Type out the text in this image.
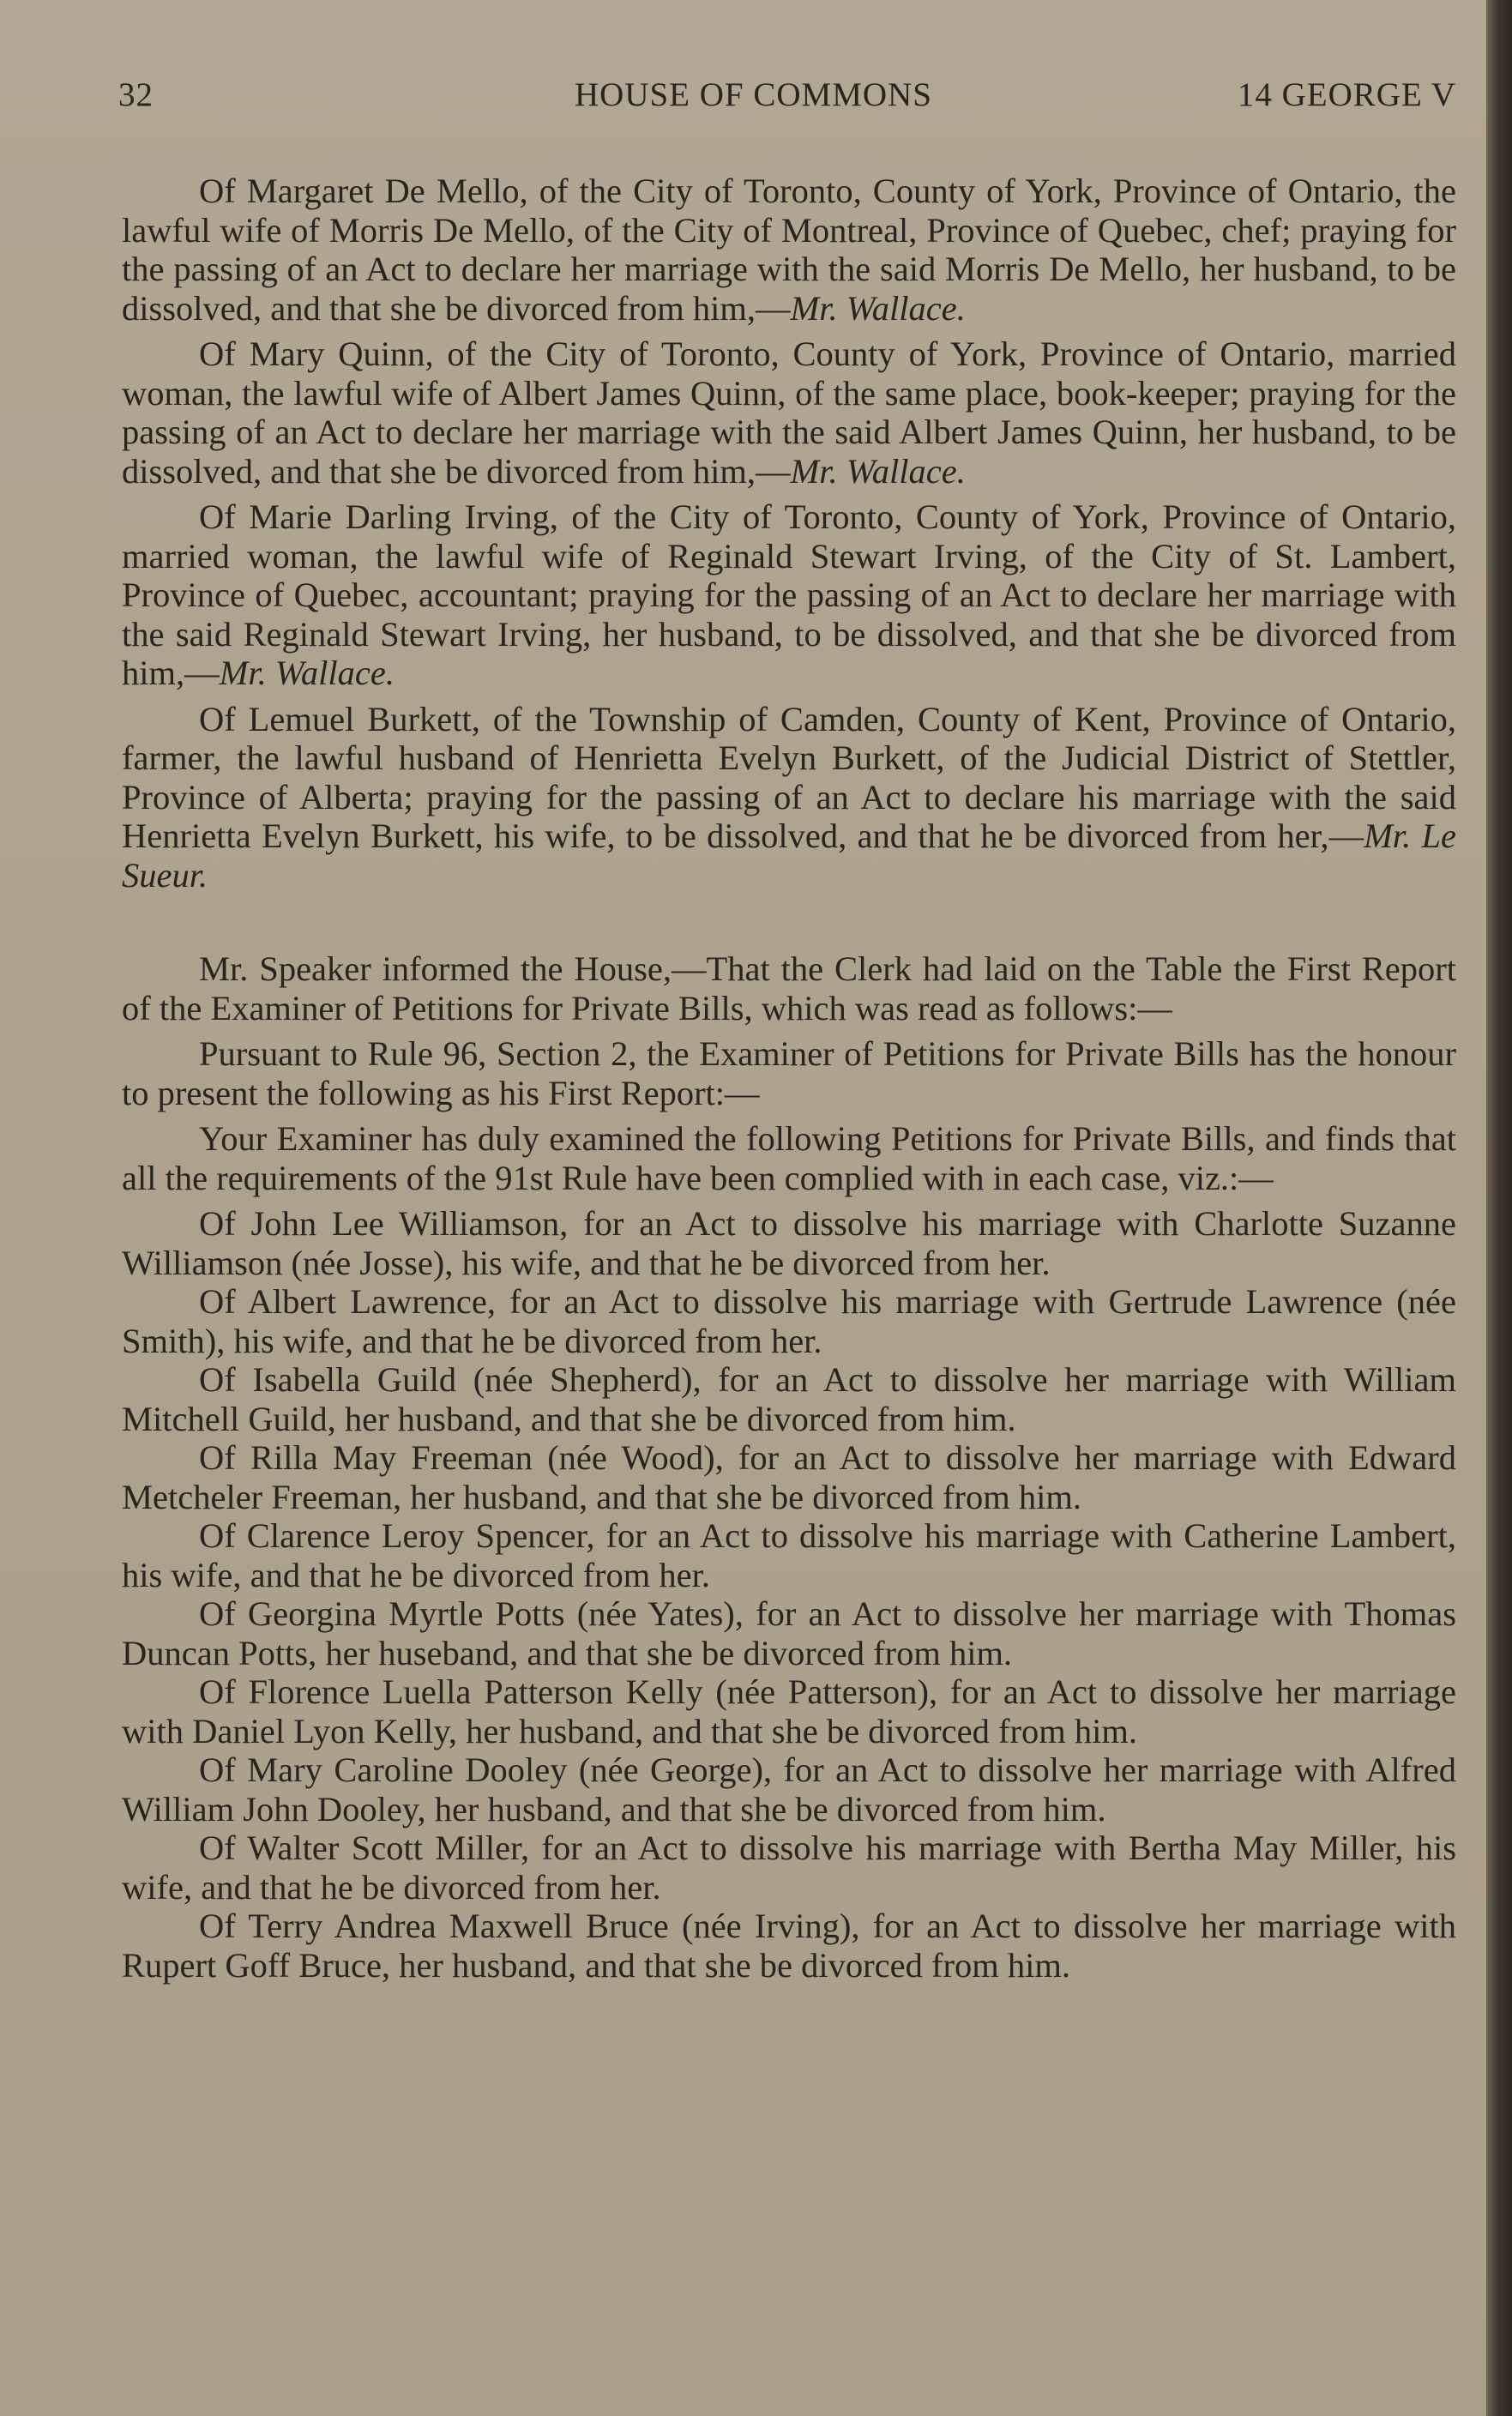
32	HOUSE OF COMMONS	14 GEORGE V

Of Margaret De Mello, of the City of Toronto, County of York, Province of Ontario, the lawful wife of Morris De Mello, of the City of Montreal, Province of Quebec, chef; praying for the passing of an Act to declare her marriage with the said Morris De Mello, her husband, to be dissolved, and that she be divorced from him,—Mr. Wallace.

Of Mary Quinn, of the City of Toronto, County of York, Province of Ontario, married woman, the lawful wife of Albert James Quinn, of the same place, book-keeper; praying for the passing of an Act to declare her marriage with the said Albert James Quinn, her husband, to be dissolved, and that she be divorced from him,—Mr. Wallace.

Of Marie Darling Irving, of the City of Toronto, County of York, Province of Ontario, married woman, the lawful wife of Reginald Stewart Irving, of the City of St. Lambert, Province of Quebec, accountant; praying for the passing of an Act to declare her marriage with the said Reginald Stewart Irving, her husband, to be dissolved, and that she be divorced from him,—Mr. Wallace.

Of Lemuel Burkett, of the Township of Camden, County of Kent, Province of Ontario, farmer, the lawful husband of Henrietta Evelyn Burkett, of the Judicial District of Stettler, Province of Alberta; praying for the passing of an Act to declare his marriage with the said Henrietta Evelyn Burkett, his wife, to be dissolved, and that he be divorced from her,—Mr. Le Sueur.

Mr. Speaker informed the House,—That the Clerk had laid on the Table the First Report of the Examiner of Petitions for Private Bills, which was read as follows:—

Pursuant to Rule 96, Section 2, the Examiner of Petitions for Private Bills has the honour to present the following as his First Report:—

Your Examiner has duly examined the following Petitions for Private Bills, and finds that all the requirements of the 91st Rule have been complied with in each case, viz.:—

Of John Lee Williamson, for an Act to dissolve his marriage with Charlotte Suzanne Williamson (née Josse), his wife, and that he be divorced from her.

Of Albert Lawrence, for an Act to dissolve his marriage with Gertrude Lawrence (née Smith), his wife, and that he be divorced from her.

Of Isabella Guild (née Shepherd), for an Act to dissolve her marriage with William Mitchell Guild, her husband, and that she be divorced from him.

Of Rilla May Freeman (née Wood), for an Act to dissolve her marriage with Edward Metcheler Freeman, her husband, and that she be divorced from him.

Of Clarence Leroy Spencer, for an Act to dissolve his marriage with Catherine Lambert, his wife, and that he be divorced from her.

Of Georgina Myrtle Potts (née Yates), for an Act to dissolve her marriage with Thomas Duncan Potts, her huseband, and that she be divorced from him.

Of Florence Luella Patterson Kelly (née Patterson), for an Act to dissolve her marriage with Daniel Lyon Kelly, her husband, and that she be divorced from him.

Of Mary Caroline Dooley (née George), for an Act to dissolve her marriage with Alfred William John Dooley, her husband, and that she be divorced from him.

Of Walter Scott Miller, for an Act to dissolve his marriage with Bertha May Miller, his wife, and that he be divorced from her.

Of Terry Andrea Maxwell Bruce (née Irving), for an Act to dissolve her marriage with Rupert Goff Bruce, her husband, and that she be divorced from him.
